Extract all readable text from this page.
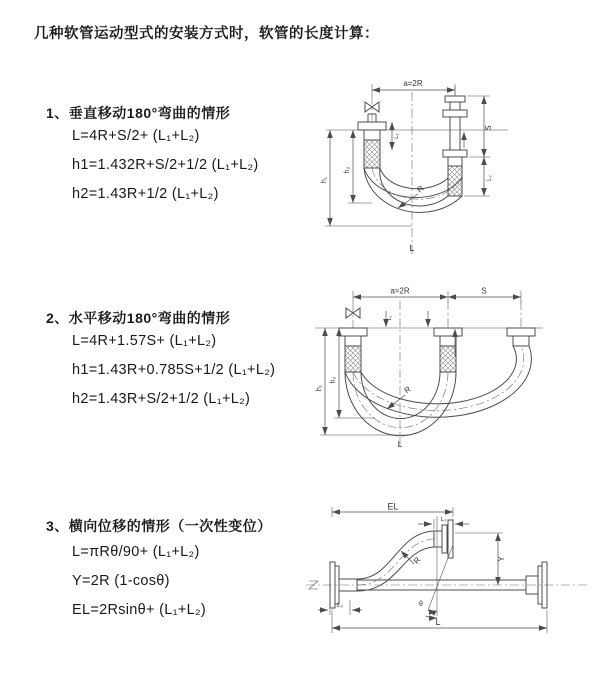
几种软管运动型式的安装方式时，软管的长度计算：
1、垂直移动180°弯曲的情形
L=4R+S/2+ (L₁+L₂)
h1=1.432R+S/2+1/2 (L₁+L₂)
h2=1.43R+1/2 (L₁+L₂)
a=2R
L₁
S
L₂
h₁
h₂
R
L
2、水平移动180°弯曲的情形
L=4R+1.57S+ (L₁+L₂)
h1=1.43R+0.785S+1/2 (L₁+L₂)
h2=1.43R+S/2+1/2 (L₁+L₂)
a=2R	S
L₁
h₁
h₂
R
L
3、横向位移的情形（一次性变位）
L=πRθ/90+ (L₁+L₂)
Y=2R (1-cosθ)
EL=2Rsinθ+ (L₁+L₂)
EL
L₁
Y
θ
R
L
L₂
